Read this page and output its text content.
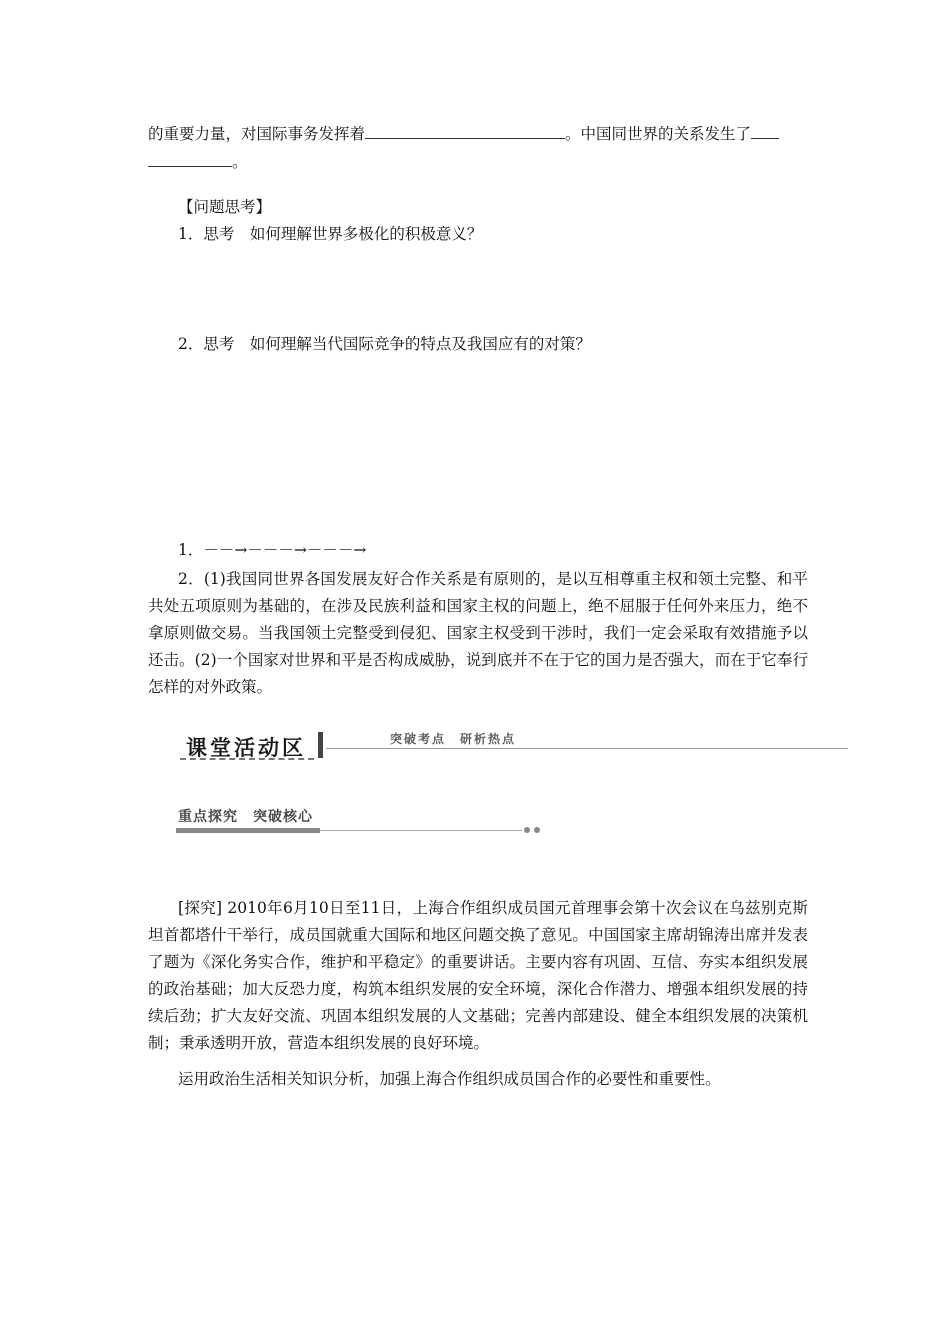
的重要力量，对国际事务发挥着	。中国同世界的关系发生了
。
【问题思考】
1．思考　如何理解世界多极化的积极意义？
2．思考　如何理解当代国际竞争的特点及我国应有的对策？
1．－－→－－－→－－－→

2．(1)我国同世界各国发展友好合作关系是有原则的，是以互相尊重主权和领土完整、和平共处五项原则为基础的，在涉及民族利益和国家主权的问题上，绝不屈服于任何外来压力，绝不拿原则做交易。当我国领土完整受到侵犯、国家主权受到干涉时，我们一定会采取有效措施予以还击。(2)一个国家对世界和平是否构成威胁，说到底并不在于它的国力是否强大，而在于它奉行怎样的对外政策。

课堂活动区	突破考点　研析热点
重点探究　突破核心

[探究] 2010年6月10日至11日，上海合作组织成员国元首理事会第十次会议在乌兹别克斯坦首都塔什干举行，成员国就重大国际和地区问题交换了意见。中国国家主席胡锦涛出席并发表了题为《深化务实合作，维护和平稳定》的重要讲话。主要内容有巩固、互信、夯实本组织发展的政治基础；加大反恐力度，构筑本组织发展的安全环境，深化合作潜力、增强本组织发展的持续后劲；扩大友好交流、巩固本组织发展的人文基础；完善内部建设、健全本组织发展的决策机制；秉承透明开放，营造本组织发展的良好环境。

运用政治生活相关知识分析，加强上海合作组织成员国合作的必要性和重要性。
